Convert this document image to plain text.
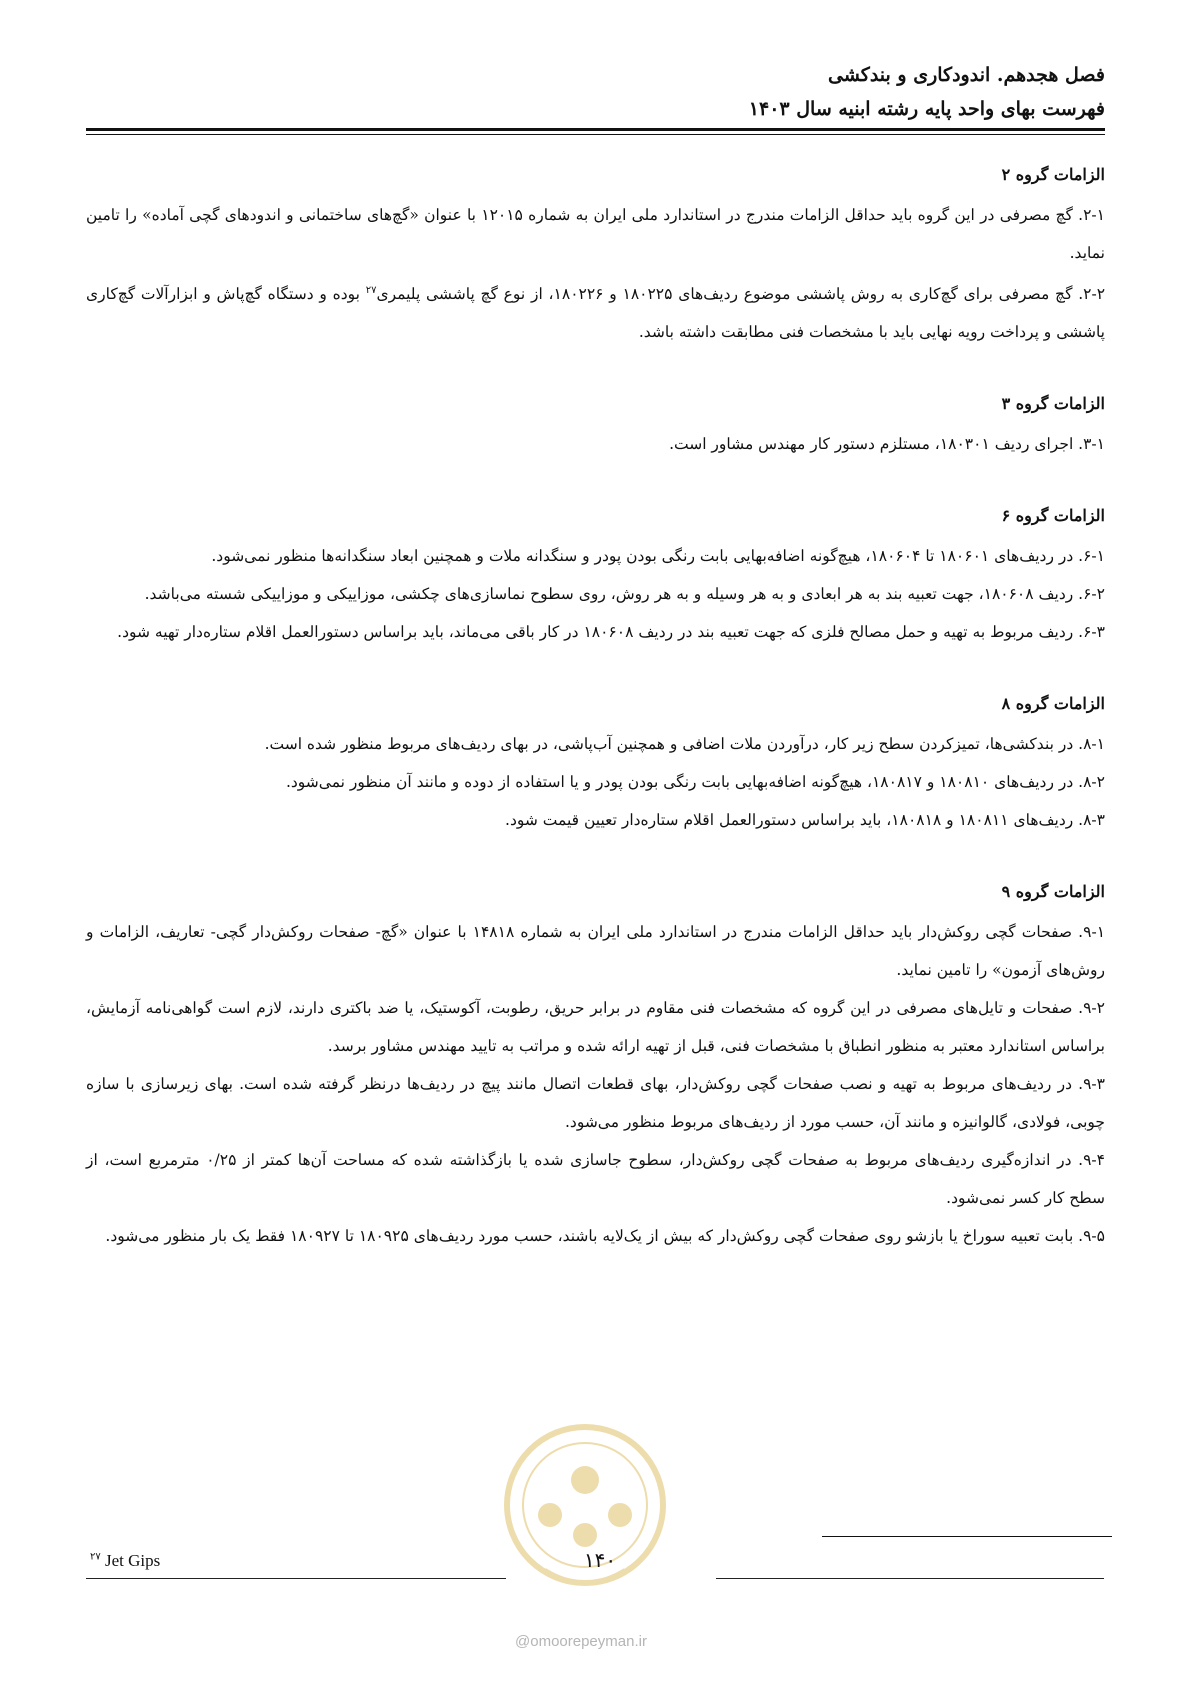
فصل هجدهم. اندودکاری و بندکشی
فهرست بهای واحد پایه رشته ابنیه سال ۱۴۰۳
الزامات گروه ۲

۲-۱. گچ مصرفی در این گروه باید حداقل الزامات مندرج در استاندارد ملی ایران به شماره ۱۲۰۱۵ با عنوان «گچ‌های ساختمانی و اندودهای گچی آماده» را تامین نماید.

۲-۲. گچ مصرفی برای گچ‌کاری به روش پاششی موضوع ردیف‌های ۱۸۰۲۲۵ و ۱۸۰۲۲۶، از نوع گچ پاششی پلیمری$^{۲۷}$ بوده و دستگاه گچ‌پاش و ابزارآلات گچ‌کاری پاششی و پرداخت رویه نهایی باید با مشخصات فنی مطابقت داشته باشد.

الزامات گروه ۳

۳-۱. اجرای ردیف ۱۸۰۳۰۱، مستلزم دستور کار مهندس مشاور است.

الزامات گروه ۶

۶-۱. در ردیف‌های ۱۸۰۶۰۱ تا ۱۸۰۶۰۴، هیچ‌گونه اضافه‌بهایی بابت رنگی بودن پودر و سنگدانه ملات و همچنین ابعاد سنگدانه‌ها منظور نمی‌شود.

۶-۲. ردیف ۱۸۰۶۰۸، جهت تعبیه بند به هر ابعادی و به هر وسیله و به هر روش، روی سطوح نماسازی‌های چکشی، موزاییکی و موزاییکی شسته می‌باشد.

۶-۳. ردیف مربوط به تهیه و حمل مصالح فلزی که جهت تعبیه بند در ردیف ۱۸۰۶۰۸ در کار باقی می‌ماند، باید براساس دستورالعمل اقلام ستاره‌دار تهیه شود.

الزامات گروه ۸

۸-۱. در بندکشی‌ها، تمیزکردن سطح زیر کار، درآوردن ملات اضافی و همچنین آب‌پاشی، در بهای ردیف‌های مربوط منظور شده است.

۸-۲. در ردیف‌های ۱۸۰۸۱۰ و ۱۸۰۸۱۷، هیچ‌گونه اضافه‌بهایی بابت رنگی بودن پودر و یا استفاده از دوده و مانند آن منظور نمی‌شود.

۸-۳. ردیف‌های ۱۸۰۸۱۱ و ۱۸۰۸۱۸، باید براساس دستورالعمل اقلام ستاره‌دار تعیین قیمت شود.

الزامات گروه ۹

۹-۱. صفحات گچی روکش‌دار باید حداقل الزامات مندرج در استاندارد ملی ایران به شماره ۱۴۸۱۸ با عنوان «گچ- صفحات روکش‌دار گچی- تعاریف، الزامات و روش‌های آزمون» را تامین نماید.

۹-۲. صفحات و تایل‌های مصرفی در این گروه که مشخصات فنی مقاوم در برابر حریق، رطوبت، آکوستیک، یا ضد باکتری دارند، لازم است گواهی‌نامه آزمایش، براساس استاندارد معتبر به منظور انطباق با مشخصات فنی، قبل از تهیه ارائه شده و مراتب به تایید مهندس مشاور برسد.

۹-۳. در ردیف‌های مربوط به تهیه و نصب صفحات گچی روکش‌دار، بهای قطعات اتصال مانند پیچ در ردیف‌ها درنظر گرفته شده است. بهای زیرسازی با سازه چوبی، فولادی، گالوانیزه و مانند آن، حسب مورد از ردیف‌های مربوط منظور می‌شود.

۹-۴. در اندازه‌گیری ردیف‌های مربوط به صفحات گچی روکش‌دار، سطوح جاسازی شده یا بازگذاشته شده که مساحت آن‌ها کمتر از ۰/۲۵ مترمربع است، از سطح کار کسر نمی‌شود.

۹-۵. بابت تعبیه سوراخ یا بازشو روی صفحات گچی روکش‌دار که بیش از یک‌لایه باشند، حسب مورد ردیف‌های ۱۸۰۹۲۵ تا ۱۸۰۹۲۷ فقط یک بار منظور می‌شود.

$^{۲۷}$ Jet Gips	۱۴۰
@omoorepeyman.ir
